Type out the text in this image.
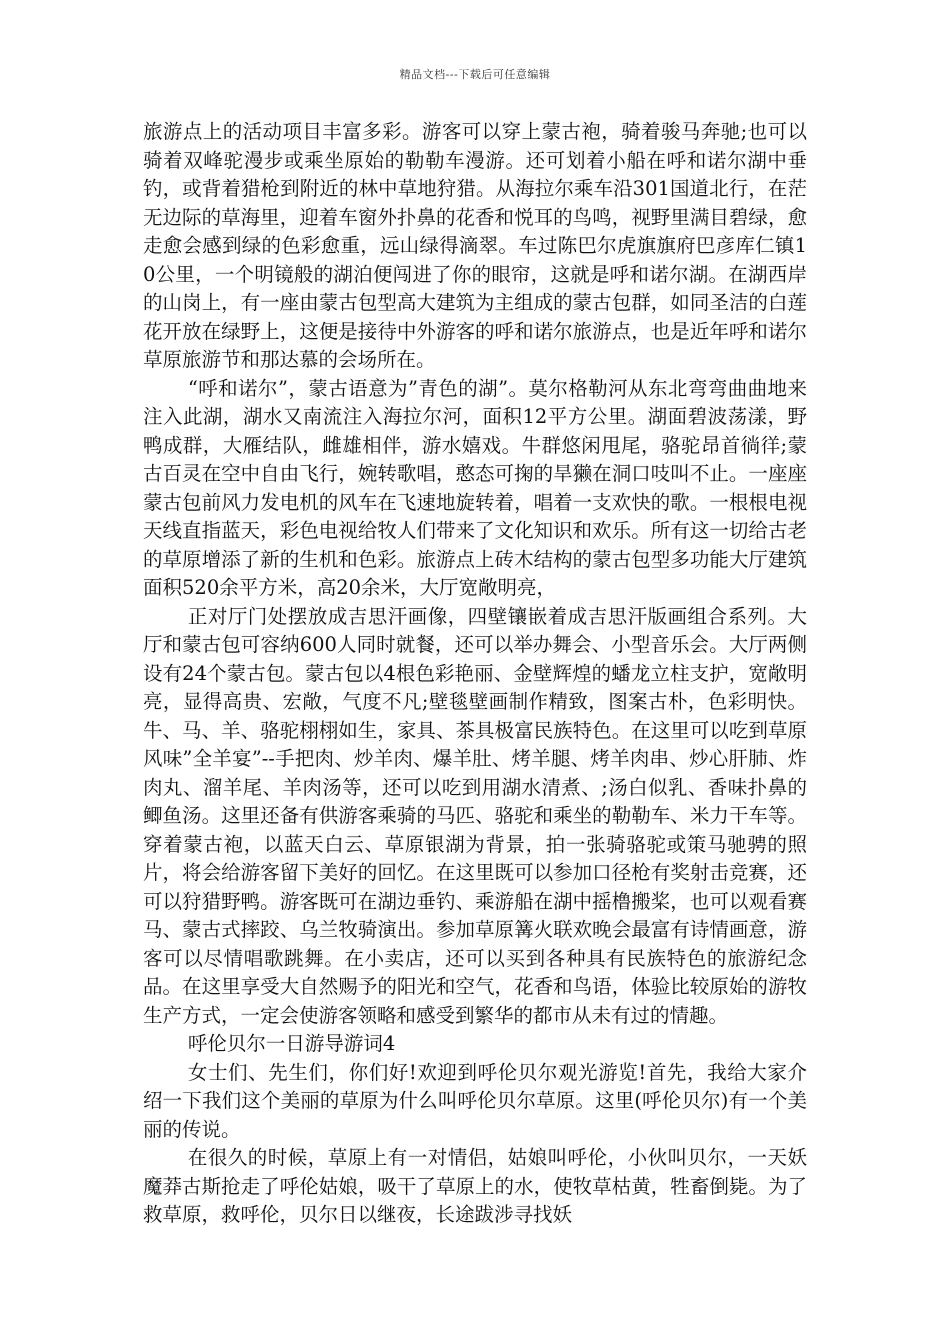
精品文档---下载后可任意编辑

旅游点上的活动项目丰富多彩。游客可以穿上蒙古袍，骑着骏马奔驰;也可以骑着双峰驼漫步或乘坐原始的勒勒车漫游。还可划着小船在呼和诺尔湖中垂钓，或背着猎枪到附近的林中草地狩猎。从海拉尔乘车沿301国道北行，在茫无边际的草海里，迎着车窗外扑鼻的花香和悦耳的鸟鸣，视野里满目碧绿，愈走愈会感到绿的色彩愈重，远山绿得滴翠。车过陈巴尔虎旗旗府巴彦库仁镇10公里，一个明镜般的湖泊便闯进了你的眼帘，这就是呼和诺尔湖。在湖西岸的山岗上，有一座由蒙古包型高大建筑为主组成的蒙古包群，如同圣洁的白莲花开放在绿野上，这便是接待中外游客的呼和诺尔旅游点，也是近年呼和诺尔草原旅游节和那达慕的会场所在。

“呼和诺尔”，蒙古语意为”青色的湖”。莫尔格勒河从东北弯弯曲曲地来注入此湖，湖水又南流注入海拉尔河，面积12平方公里。湖面碧波荡漾，野鸭成群，大雁结队，雌雄相伴，游水嬉戏。牛群悠闲甩尾，骆驼昂首徜徉;蒙古百灵在空中自由飞行，婉转歌唱，憨态可掬的旱獭在洞口吱叫不止。一座座蒙古包前风力发电机的风车在飞速地旋转着，唱着一支欢快的歌。一根根电视天线直指蓝天，彩色电视给牧人们带来了文化知识和欢乐。所有这一切给古老的草原增添了新的生机和色彩。旅游点上砖木结构的蒙古包型多功能大厅建筑面积520余平方米，高20余米，大厅宽敞明亮，

正对厅门处摆放成吉思汗画像，四壁镶嵌着成吉思汗版画组合系列。大厅和蒙古包可容纳600人同时就餐，还可以举办舞会、小型音乐会。大厅两侧设有24个蒙古包。蒙古包以4根色彩艳丽、金壁辉煌的蟠龙立柱支护，宽敞明亮，显得高贵、宏敞，气度不凡;壁毯壁画制作精致，图案古朴，色彩明快。牛、马、羊、骆驼栩栩如生，家具、茶具极富民族特色。在这里可以吃到草原风味”全羊宴”--手把肉、炒羊肉、爆羊肚、烤羊腿、烤羊肉串、炒心肝肺、炸肉丸、溜羊尾、羊肉汤等，还可以吃到用湖水清煮、;汤白似乳、香味扑鼻的鲫鱼汤。这里还备有供游客乘骑的马匹、骆驼和乘坐的勒勒车、米力干车等。穿着蒙古袍，以蓝天白云、草原银湖为背景，拍一张骑骆驼或策马驰骋的照片，将会给游客留下美好的回忆。在这里既可以参加口径枪有奖射击竞赛，还可以狩猎野鸭。游客既可在湖边垂钓、乘游船在湖中摇橹搬桨，也可以观看赛马、蒙古式摔跤、乌兰牧骑演出。参加草原篝火联欢晚会最富有诗情画意，游客可以尽情唱歌跳舞。在小卖店，还可以买到各种具有民族特色的旅游纪念品。在这里享受大自然赐予的阳光和空气，花香和鸟语，体验比较原始的游牧生产方式，一定会使游客领略和感受到繁华的都市从未有过的情趣。

呼伦贝尔一日游导游词4

女士们、先生们，你们好!欢迎到呼伦贝尔观光游览!首先，我给大家介绍一下我们这个美丽的草原为什么叫呼伦贝尔草原。这里(呼伦贝尔)有一个美丽的传说。

在很久的时候，草原上有一对情侣，姑娘叫呼伦，小伙叫贝尔，一天妖魔莽古斯抢走了呼伦姑娘，吸干了草原上的水，使牧草枯黄，牲畜倒毙。为了救草原，救呼伦，贝尔日以继夜，长途跋涉寻找妖
